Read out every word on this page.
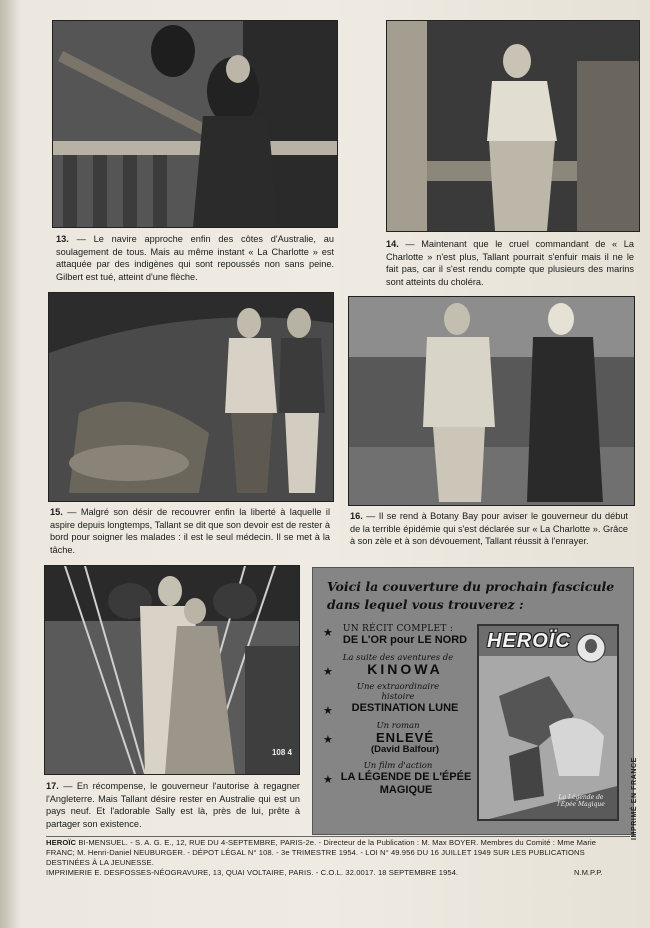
13. — Le navire approche enfin des côtes d'Australie, au soulagement de tous. Mais au même instant « La Charlotte » est attaquée par des indigènes qui sont repoussés non sans peine. Gilbert est tué, atteint d'une flèche.
14. — Maintenant que le cruel commandant de « La Charlotte » n'est plus, Tallant pourrait s'enfuir mais il ne le fait pas, car il s'est rendu compte que plusieurs des marins sont atteints du choléra.
15. — Malgré son désir de recouvrer enfin la liberté à laquelle il aspire depuis longtemps, Tallant se dit que son devoir est de rester à bord pour soigner les malades : il est le seul médecin. Il se met à la tâche.
16. — Il se rend à Botany Bay pour aviser le gouverneur du début de la terrible épidémie qui s'est déclarée sur « La Charlotte ». Grâce à son zèle et à son dévouement, Tallant réussit à l'enrayer.
108 4
17. — En récompense, le gouverneur l'autorise à regagner l'Angleterre. Mais Tallant désire rester en Australie qui est un pays neuf. Et l'adorable Sally est là, près de lui, prête à partager son existence.
Voici la couverture du prochain fascicule dans lequel vous trouverez :
UN RÉCIT COMPLET :
★
DE L'OR pour LE NORD
La suite des aventures de
★	KINOWA
Une extraordinaire histoire
★	DESTINATION LUNE
Un roman
★	ENLEVÉ
(David Balfour)
Un film d'action
★ LA LÉGENDE DE L'ÉPÉE MAGIQUE
HEROÏC
La Légende de l'Épée Magique
HEROÏC BI-MENSUEL. - S. A. G. E., 12, RUE DU 4-SEPTEMBRE, PARIS-2e. - Directeur de la Publication : M. Max BOYER. Membres du Comité : Mme Marie FRANC; M. Henri-Daniel NEUBURGER. - DÉPOT LÉGAL N° 108. - 3e TRIMESTRE 1954. - LOI N° 49.956 DU 16 JUILLET 1949 SUR LES PUBLICATIONS DESTINÉES À LA JEUNESSE.
IMPRIMERIE E. DESFOSSES-NÉOGRAVURE, 13, QUAI VOLTAIRE, PARIS. - C.O.L. 32.0017. 18 SEPTEMBRE 1954.	N.M.P.P.
IMPRIMÉ EN FRANCE
